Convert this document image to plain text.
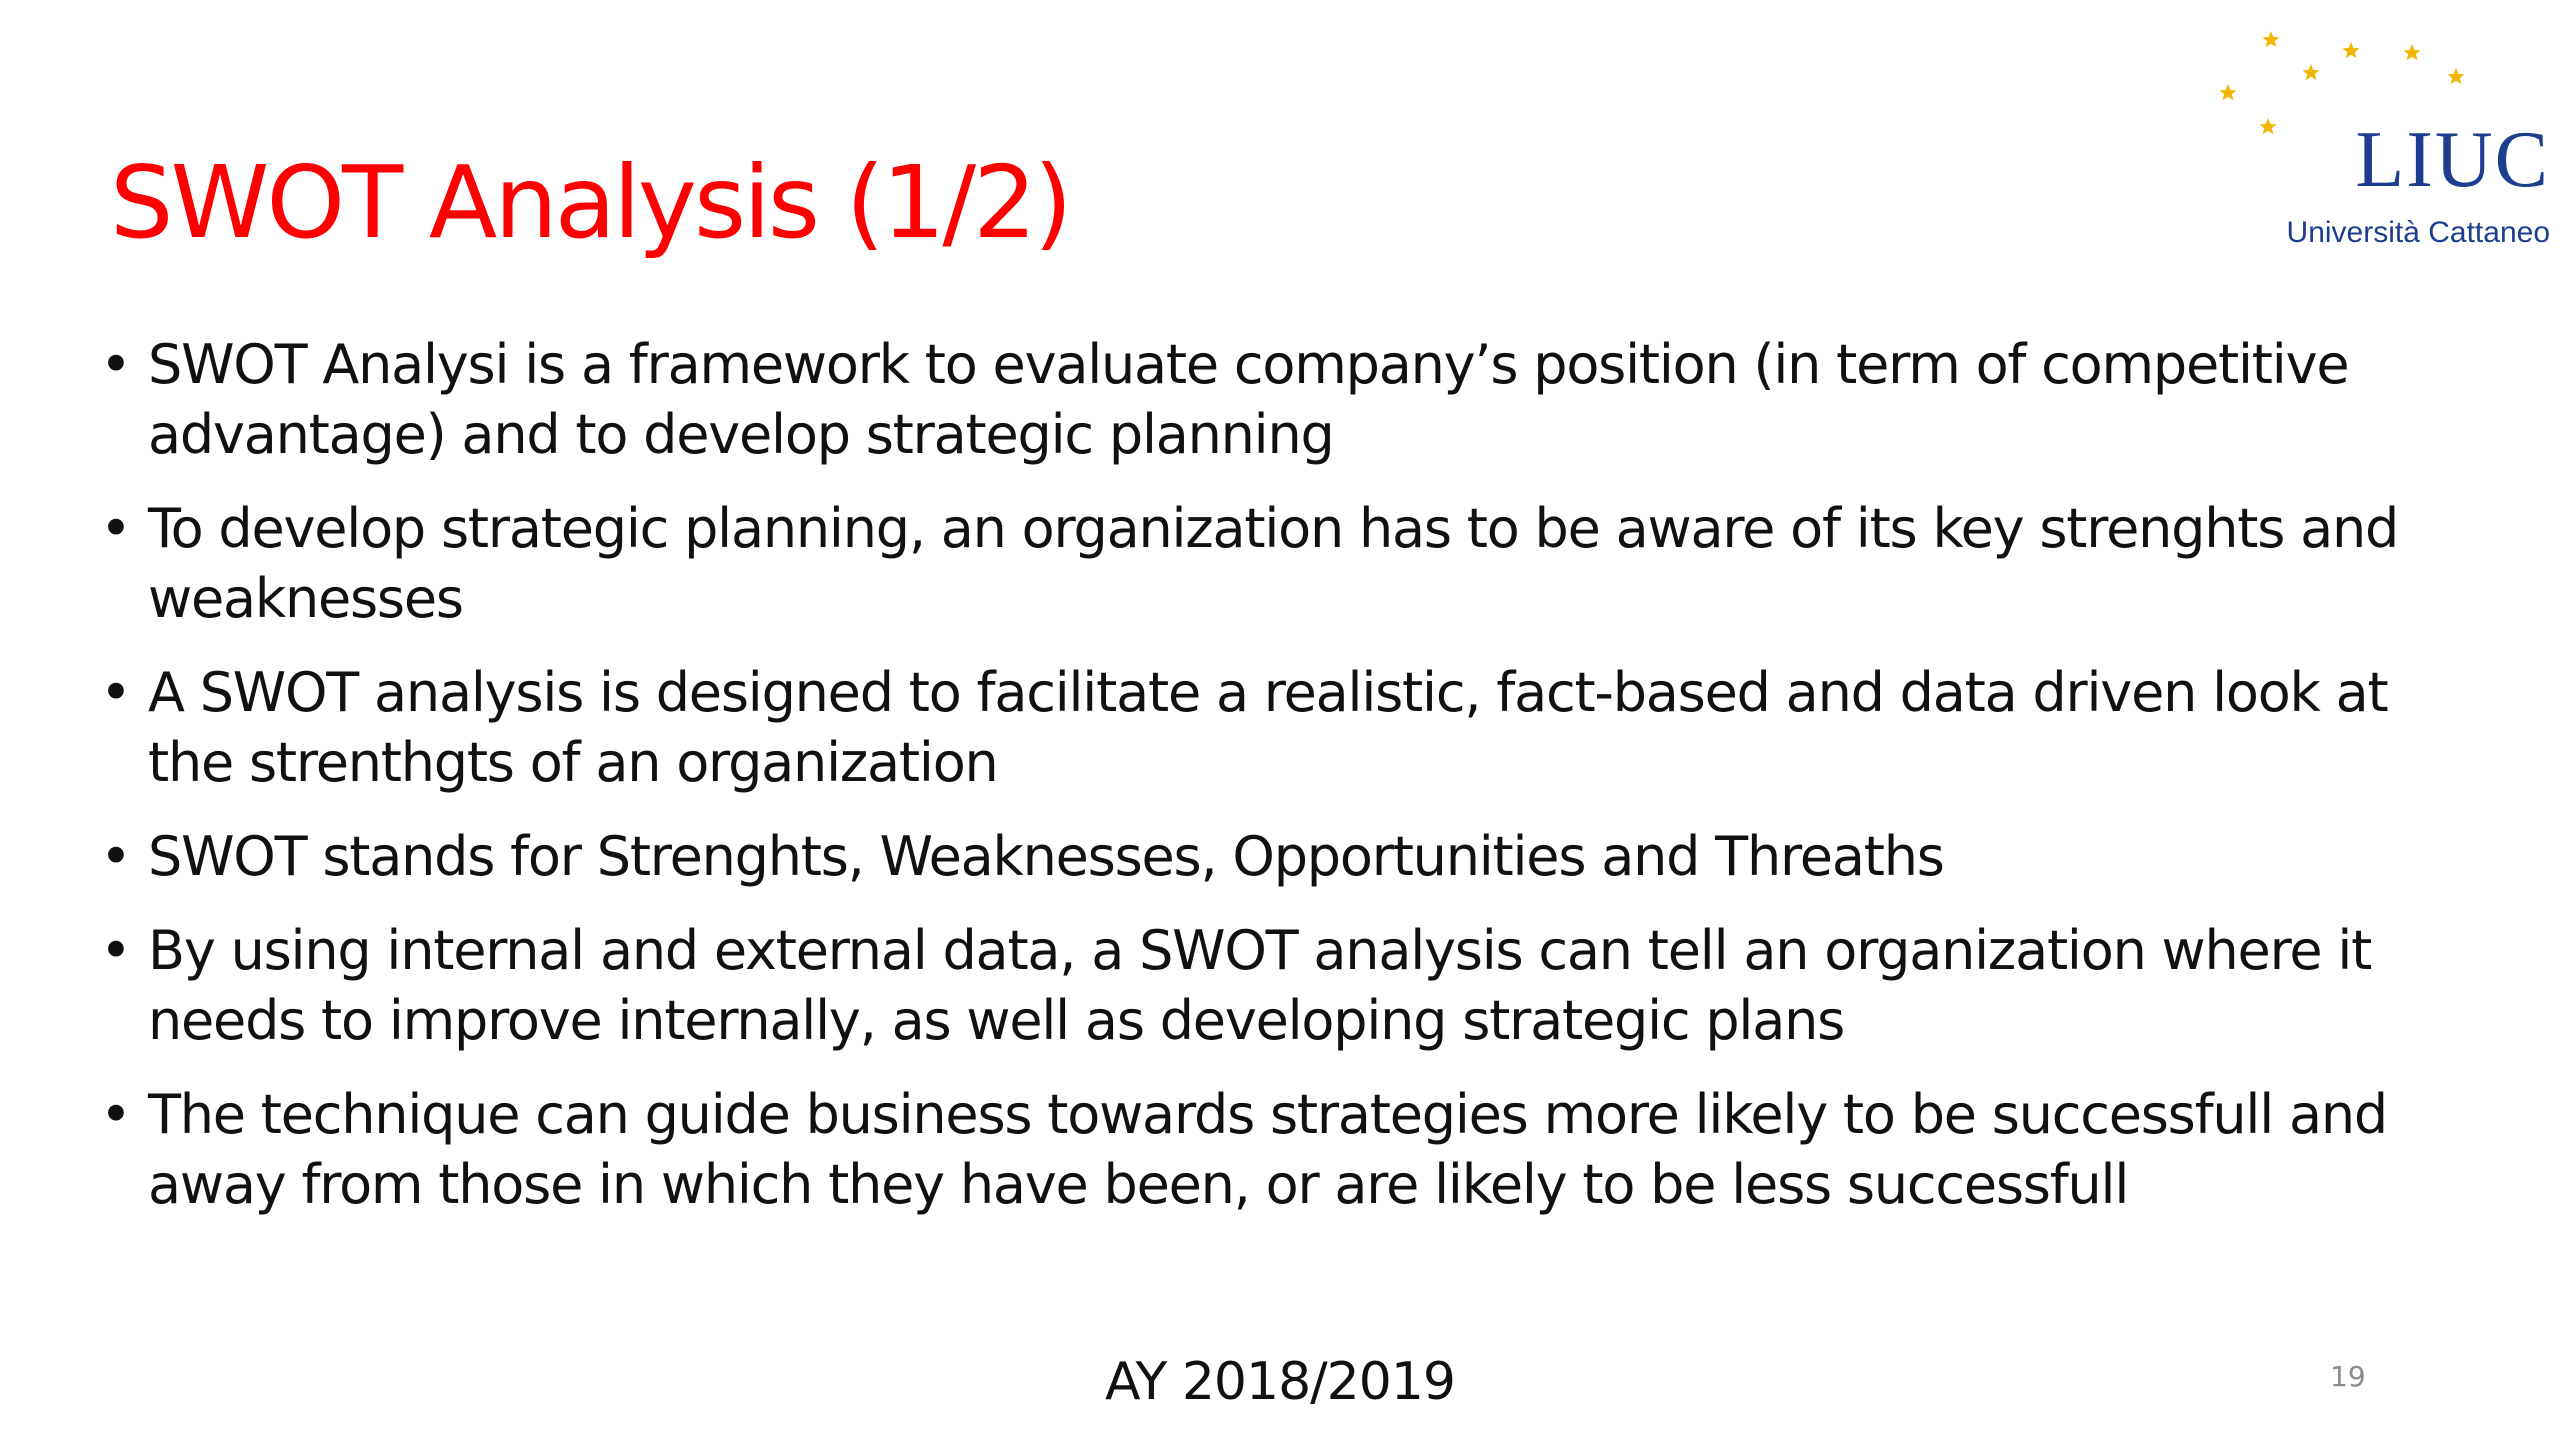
SWOT Analysis (1/2)	LIUC
Università Cattaneo
• SWOT Analysi is a framework to evaluate company’s position (in term of competitive advantage) and to develop strategic planning
• To develop strategic planning, an organization has to be aware of its key strenghts and weaknesses
• A SWOT analysis is designed to facilitate a realistic, fact-based and data driven look at the strenthgts of an organization
• SWOT stands for Strenghts, Weaknesses, Opportunities and Threaths
• By using internal and external data, a SWOT analysis can tell an organization where it needs to improve internally, as well as developing strategic plans
• The technique can guide business towards strategies more likely to be successfull and away from those in which they have been, or are likely to be less successfull
AY 2018/2019	19
